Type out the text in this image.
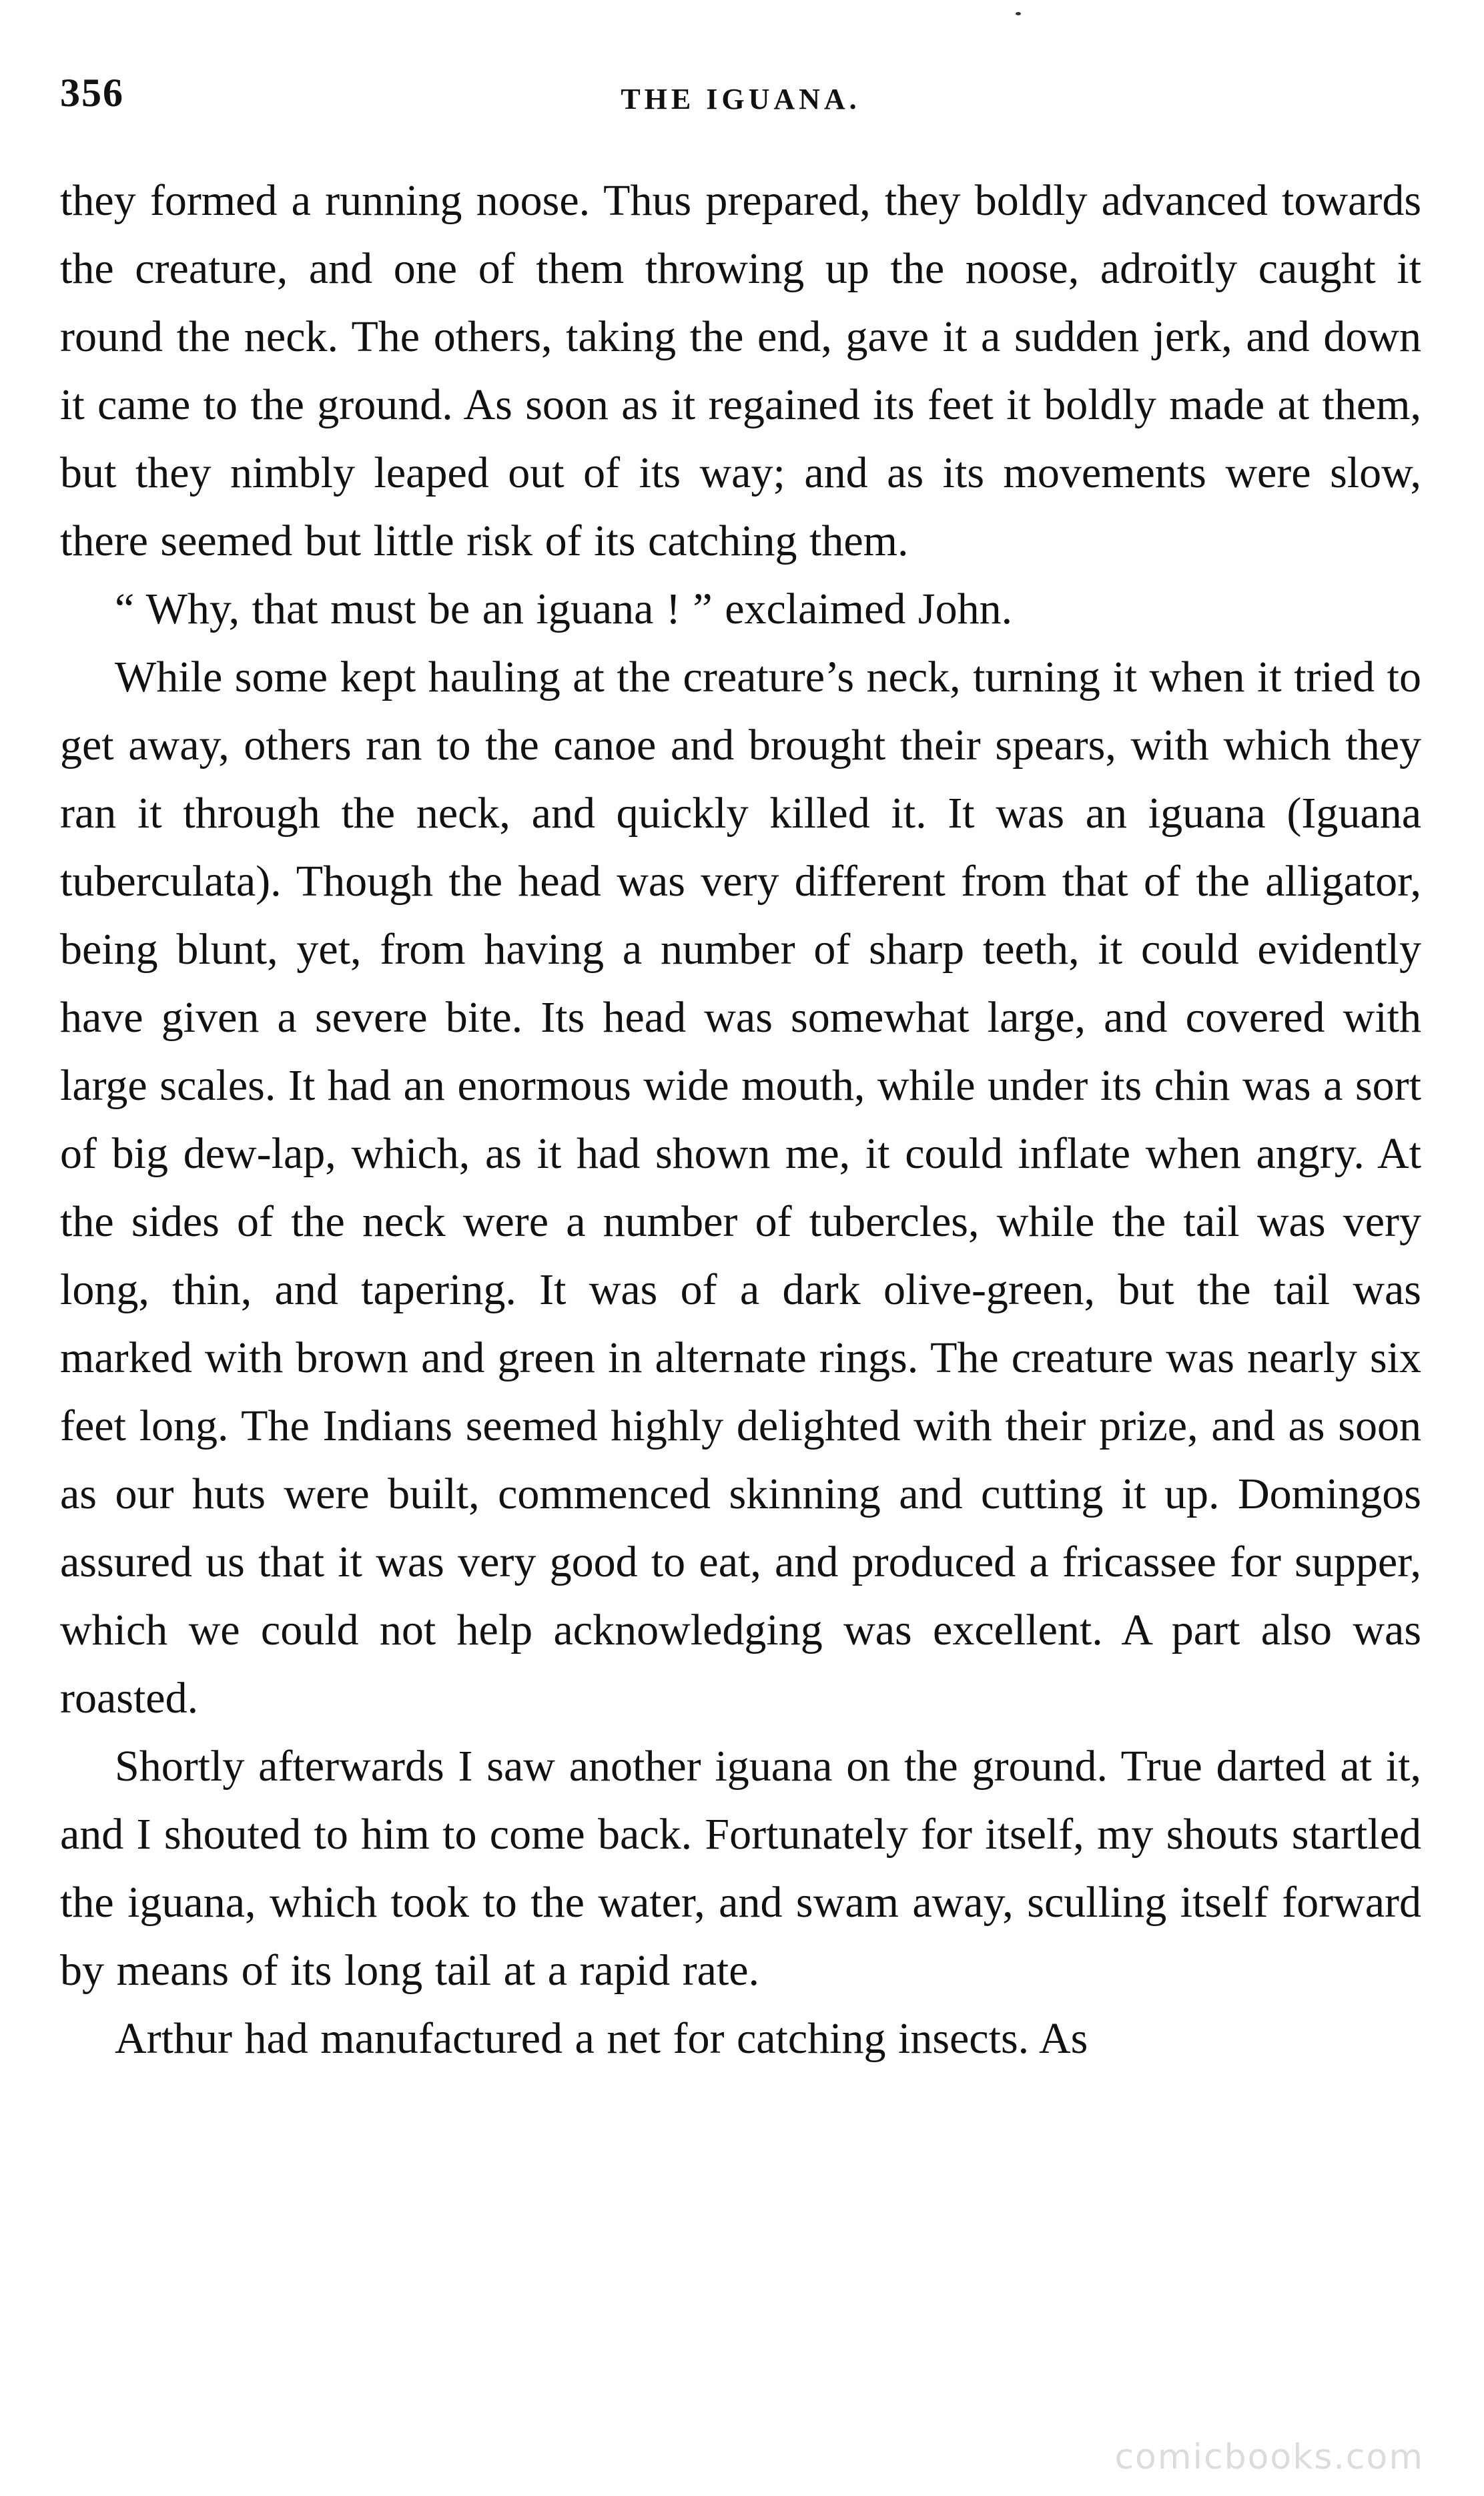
356	THE IGUANA.

they formed a running noose. Thus prepared, they boldly advanced towards the creature, and one of them throwing up the noose, adroitly caught it round the neck. The others, taking the end, gave it a sudden jerk, and down it came to the ground. As soon as it regained its feet it boldly made at them, but they nimbly leaped out of its way; and as its movements were slow, there seemed but little risk of its catching them.

“ Why, that must be an iguana ! ” exclaimed John.

While some kept hauling at the creature’s neck, turning it when it tried to get away, others ran to the canoe and brought their spears, with which they ran it through the neck, and quickly killed it. It was an iguana (Iguana tuberculata). Though the head was very different from that of the alligator, being blunt, yet, from having a number of sharp teeth, it could evidently have given a severe bite. Its head was somewhat large, and covered with large scales. It had an enormous wide mouth, while under its chin was a sort of big dew-lap, which, as it had shown me, it could inflate when angry. At the sides of the neck were a number of tubercles, while the tail was very long, thin, and tapering. It was of a dark olive-green, but the tail was marked with brown and green in alternate rings. The creature was nearly six feet long. The Indians seemed highly delighted with their prize, and as soon as our huts were built, commenced skinning and cutting it up. Domingos assured us that it was very good to eat, and produced a fricassee for supper, which we could not help acknowledging was excellent. A part also was roasted.

Shortly afterwards I saw another iguana on the ground. True darted at it, and I shouted to him to come back. Fortunately for itself, my shouts startled the iguana, which took to the water, and swam away, sculling itself forward by means of its long tail at a rapid rate.

Arthur had manufactured a net for catching insects. As

comicbooks.com
